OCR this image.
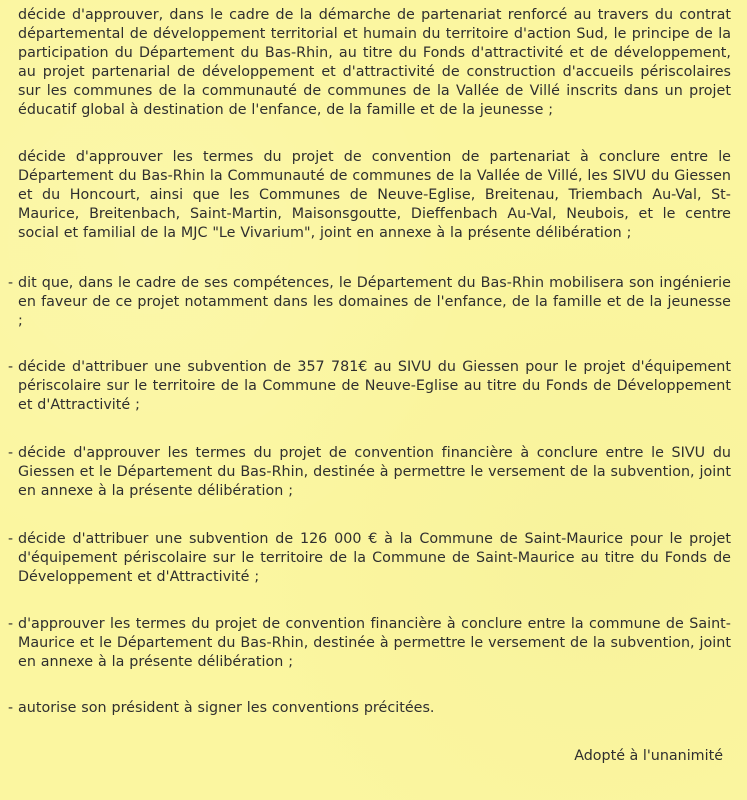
décide d'approuver, dans le cadre de la démarche de partenariat renforcé au travers du contrat départemental de développement territorial et humain du territoire d'action Sud, le principe de la participation du Département du Bas-Rhin, au titre du Fonds d'attractivité et de développement, au projet partenarial de développement et d'attractivité de construction d'accueils périscolaires sur les communes de la communauté de communes de la Vallée de Villé inscrits dans un projet éducatif global à destination de l'enfance, de la famille et de la jeunesse ;
décide d'approuver les termes du projet de convention de partenariat à conclure entre le Département du Bas-Rhin la Communauté de communes de la Vallée de Villé, les SIVU du Giessen et du Honcourt, ainsi que les Communes de Neuve-Eglise, Breitenau, Triembach Au-Val, St-Maurice, Breitenbach, Saint-Martin, Maisonsgoutte, Dieffenbach Au-Val, Neubois, et le centre social et familial de la MJC "Le Vivarium", joint en annexe à la présente délibération ;
- dit que, dans le cadre de ses compétences, le Département du Bas-Rhin mobilisera son ingénierie en faveur de ce projet notamment dans les domaines de l'enfance, de la famille et de la jeunesse ;
- décide d'attribuer une subvention de 357 781€ au SIVU du Giessen pour le projet d'équipement périscolaire sur le territoire de la Commune de Neuve-Eglise au titre du Fonds de Développement et d'Attractivité ;
- décide d'approuver les termes du projet de convention financière à conclure entre le SIVU du Giessen et le Département du Bas-Rhin, destinée à permettre le versement de la subvention, joint en annexe à la présente délibération ;
- décide d'attribuer une subvention de 126 000 € à la Commune de Saint-Maurice pour le projet d'équipement périscolaire sur le territoire de la Commune de Saint-Maurice au titre du Fonds de Développement et d'Attractivité ;
- d'approuver les termes du projet de convention financière à conclure entre la commune de Saint-Maurice et le Département du Bas-Rhin, destinée à permettre le versement de la subvention, joint en annexe à la présente délibération ;
- autorise son président à signer les conventions précitées.
Adopté à l'unanimité
